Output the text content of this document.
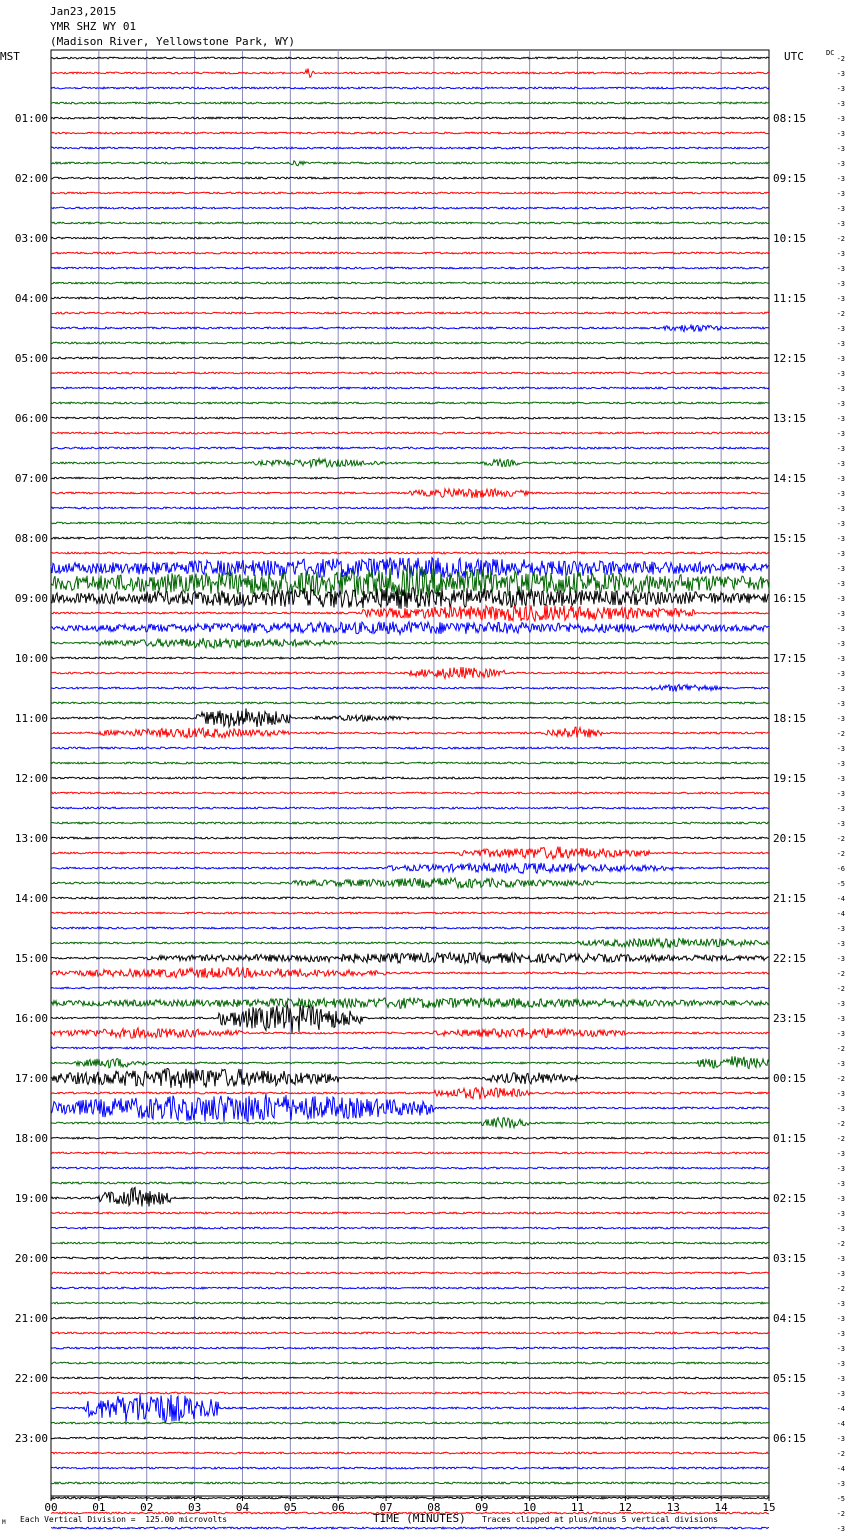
Jan23,2015
YMR SHZ WY 01
(Madison River, Yellowstone Park, WY)
MST	UTC	DC
TIME (MINUTES)
Each Vertical Division =  125.00 microvolts	Traces clipped at plus/minus 5 vertical divisions
M
00	01	02	03	04	05	06	07	08	09	10	11	12	13	14	15
01:00	08:15
02:00	09:15
03:00	10:15
04:00	11:15
05:00	12:15
06:00	13:15
07:00	14:15
08:00	15:15
09:00	16:15
10:00	17:15
11:00	18:15
12:00	19:15
13:00	20:15
14:00	21:15
15:00	22:15
16:00	23:15
17:00	00:15
18:00	01:15
19:00	02:15
20:00	03:15
21:00	04:15
22:00	05:15
23:00	06:15
-2
-3
-3
-3
-3
-3
-3
-3
-3
-3
-3
-3
-2
-3
-3
-3
-3
-2
-3
-3
-3
-3
-3
-3
-3
-3
-3
-3
-3
-3
-3
-3
-3
-3
-3
-3
-3
-3
-3
-3
-3
-3
-3
-3
-3
-2
-3
-3
-3
-3
-3
-3
-2
-2
-6
-5
-4
-4
-3
-3
-3
-2
-2
-3
-3
-3
-2
-3
-2
-3
-3
-2
-2
-3
-3
-3
-3
-3
-3
-2
-3
-3
-2
-3
-3
-3
-3
-3
-3
-3
-4
-4
-3
-2
-4
-3
-5
-2
-3
